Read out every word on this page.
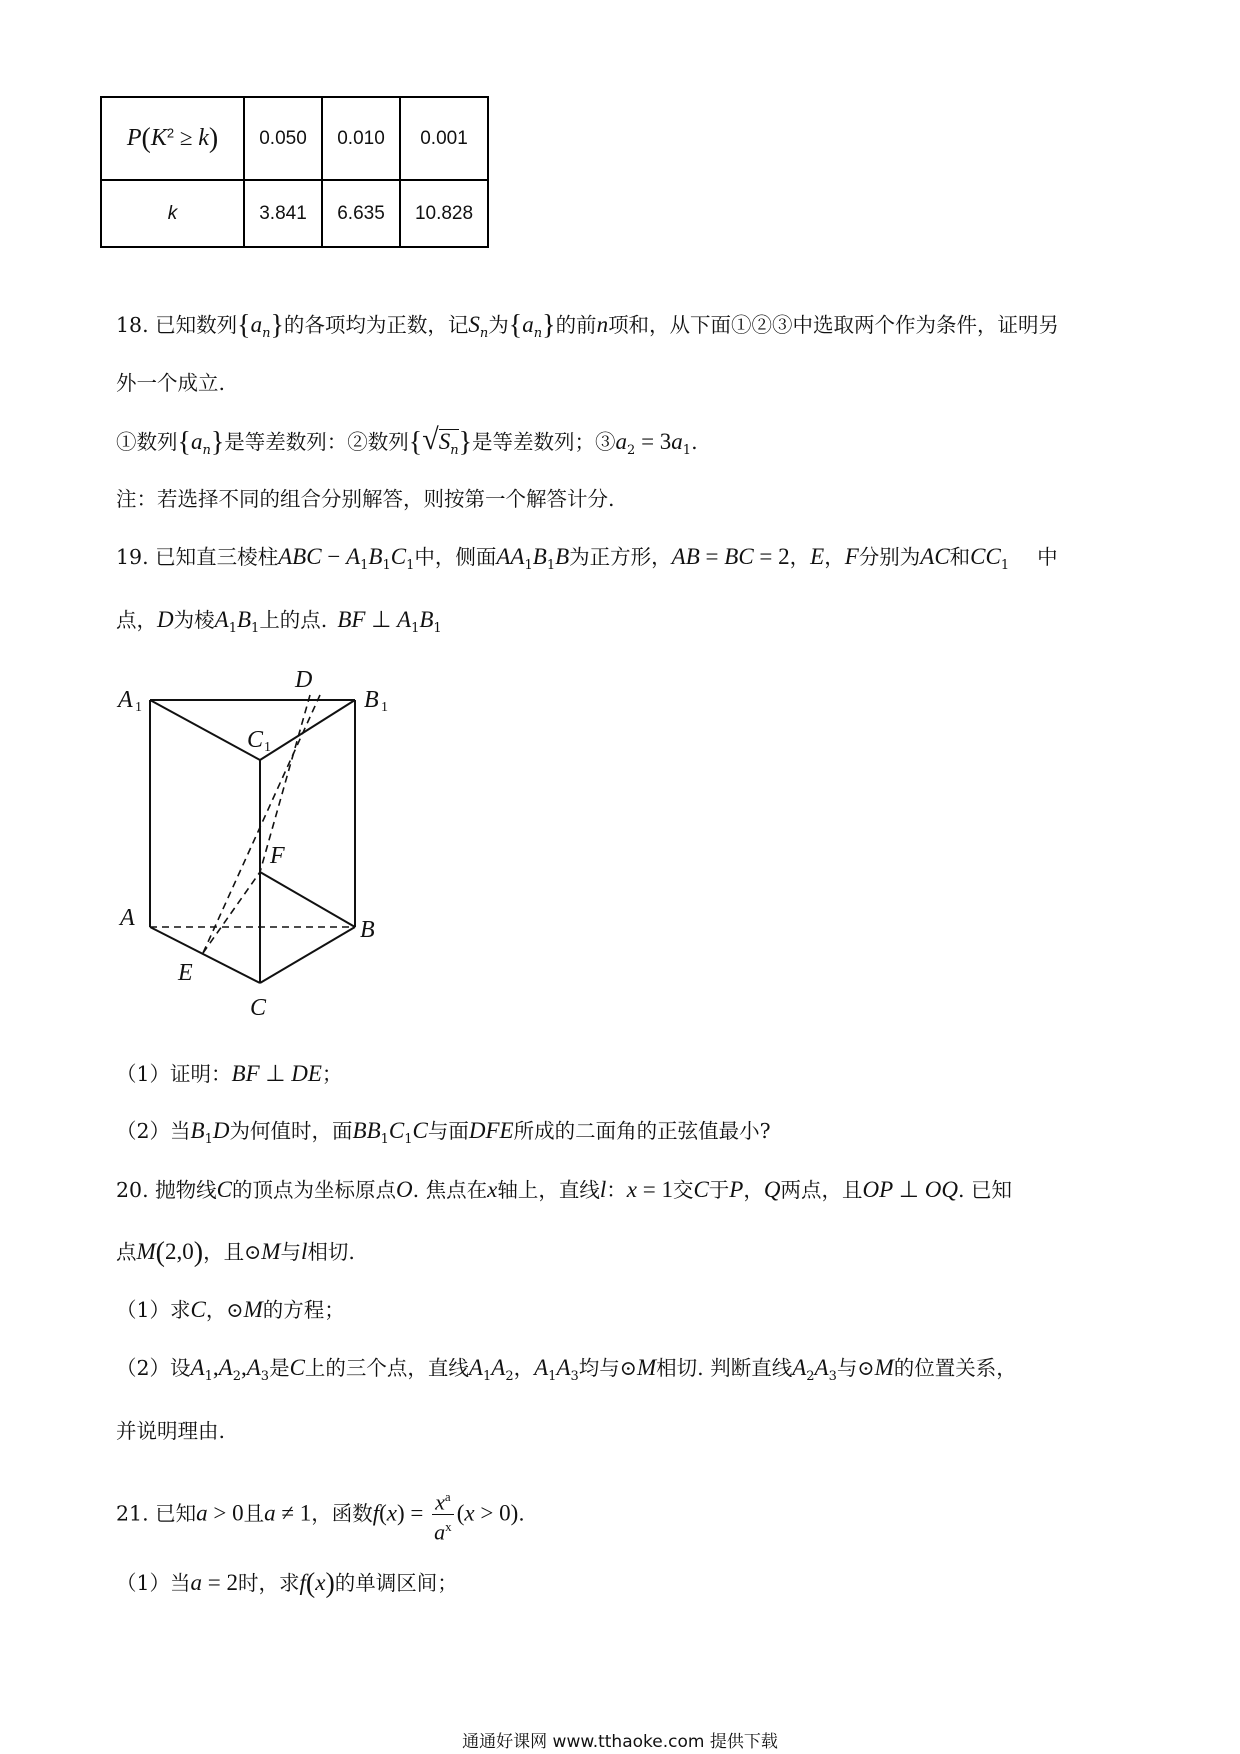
$P(K^2 \ge k)$	0.050	0.010	0.001
k	3.841	6.635	10.828
18. 已知数列$\{a_n\}$的各项均为正数，记$S_n$为$\{a_n\}$的前n项和，从下面①②③中选取两个作为条件，证明另
外一个成立.
①数列$\{a_n\}$是等差数列：②数列$\{√S_n\}$是等差数列；$③a_2 = 3a_1$.
注：若选择不同的组合分别解答，则按第一个解答计分.
19. 已知直三棱柱ABC − $A_1B_1C_1$中，侧面$AA_1B_1B$为正方形，AB = BC = 2，E，F分别为AC和$CC_1$ 中
点，D为棱$A_1B_1$上的点. BF ⊥ $A_1B_1$
A 1	B 1
C 1
D
F
A	B
E
C
（1）证明：BF ⊥ DE；
（2）当$B_1D$为何值时，面$BB_1C_1C$与面DFE所成的二面角的正弦值最小?
20. 抛物线C的顶点为坐标原点O. 焦点在x轴上，直线l：x = 1交C于P，Q两点，且OP ⊥ OQ. 已知
点M(2,0)，且⊙M与l相切.
（1）求C，⊙M的方程；
（2）设$A_1,A_2,A_3$是C上的三个点，直线$A_1A_2$，$A_1A_3$均与⊙M相切. 判断直线$A_2A_3$与⊙M的位置关系，
并说明理由.
21. 已知a > 0且a ≠ 1，函数$f(x) = \frac{x^a}{a^x} (x > 0)$.
（1）当a = 2时，求f(x)的单调区间；
通通好课网 www.tthaoke.com 提供下载
